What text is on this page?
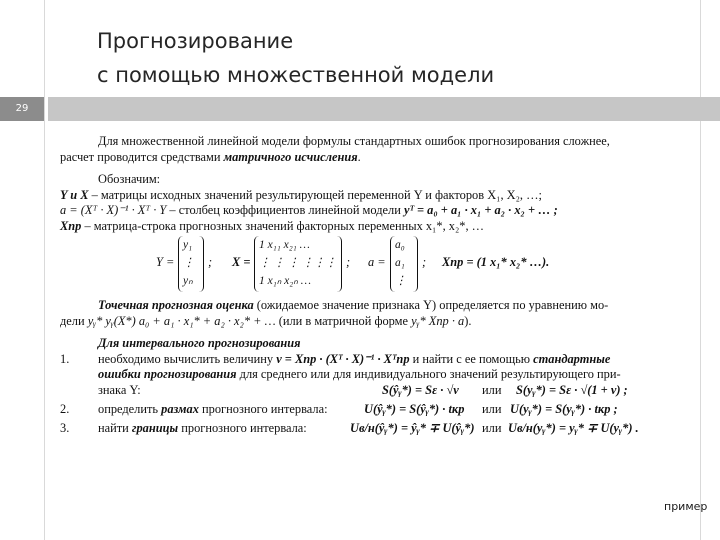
Прогнозирование
с помощью множественной модели
29
Для множественной линейной модели формулы стандартных ошибок прогнозирования сложнее,
расчет проводится средствами матричного исчисления.
Обозначим:
Y и X – матрицы исходных значений результирующей переменной Y и факторов X₁, X₂, …;
a = (Xᵀ · X)⁻¹ · Xᵀ · Y – столбец коэффициентов линейной модели yᵀ = a₀ + a₁ · x₁ + a₂ · x₂ + … ;
Xпр – матрица-строка прогнозных значений факторных переменных x₁*, x₂*, …
Y =
y₁
⋮
yₙ
; X =
1 x₁₁ x₂₁ …
⋮ ⋮ ⋮ ⋮⋮⋮
1 x₁ₙ x₂ₙ …
; a =
a₀
a₁
⋮
; Xпр = (1 x₁* x₂* …).
Точечная прогнозная оценка (ожидаемое значение признака Y) определяется по уравнению мо-
дели yᵧ* yᵧ(X*) a₀ + a₁ · x₁* + a₂ · x₂* + … (или в матричной форме yᵧ* Xпр · a).
Для интервального прогнозирования
1. необходимо вычислить величину v = Xпр · (Xᵀ · X)⁻¹ · Xᵀпр и найти с ее помощью стандартные
ошибки прогнозирования для среднего или для индивидуального значений результирующего при-
знака Y:	S(ŷᵧ*) = Sε · √v или S(yᵧ*) = Sε · √(1 + v) ;
2. определить размах прогнозного интервала:	U(ŷᵧ*) = S(ŷᵧ*) · tкр или U(yᵧ*) = S(yᵧ*) · tкр ;
3. найти границы прогнозного интервала:	Uв/н(ŷᵧ*) = ŷᵧ* ∓ U(ŷᵧ*) или Uв/н(yᵧ*) = yᵧ* ∓ U(yᵧ*) .
пример
